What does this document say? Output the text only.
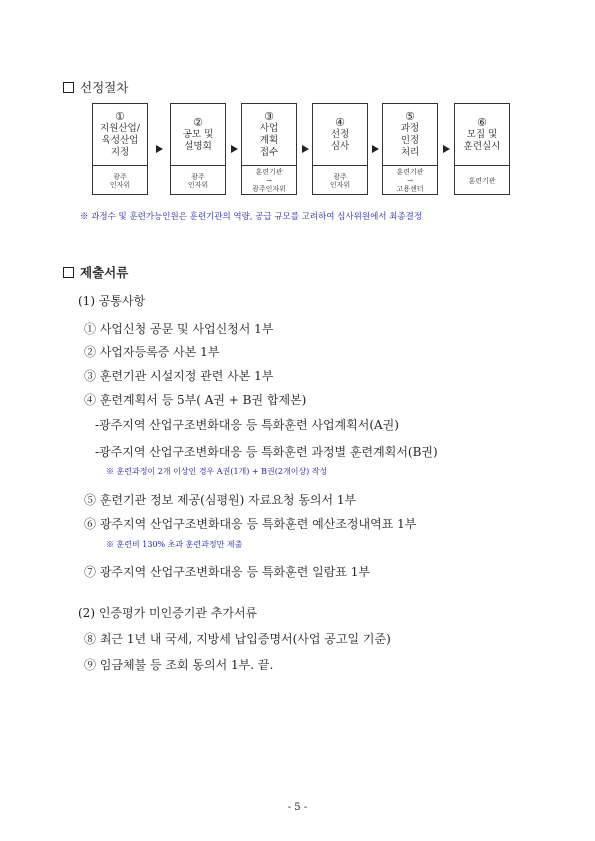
선정절차
①
지원산업/
육성산업
지정
광주
인자위
②
공모 및
설명회
광주
인자위
③
사업
계획
접수
훈련기관
→
광주인자위
④
선정
심사
광주
인자위
⑤
과정
인정
처리
훈련기관
→
고용센터
⑥
모집 및
훈련실시
훈련기관
※ 과정수 및 훈련가능인원은 훈련기관의 역량, 공급 규모를 고려하여 심사위원에서 최종결정
제출서류
(1) 공통사항
① 사업신청 공문 및 사업신청서 1부
② 사업자등록증 사본 1부
③ 훈련기관 시설지정 관련 사본 1부
④ 훈련계획서 등 5부( A권 + B권 합제본)
-광주지역 산업구조변화대응 등 특화훈련 사업계획서(A권)
-광주지역 산업구조변화대응 등 특화훈련 과정별 훈련계획서(B권)
※ 훈련과정이 2개 이상인 경우 A권(1개) + B권(2개이상) 작성
⑤ 훈련기관 정보 제공(심평원) 자료요청 동의서 1부
⑥ 광주지역 산업구조변화대응 등 특화훈련 예산조정내역표 1부
※ 훈련비 130% 초과 훈련과정만 제출
⑦ 광주지역 산업구조변화대응 등 특화훈련 일람표 1부
(2) 인증평가 미인증기관 추가서류
⑧ 최근 1년 내 국세, 지방세 납입증명서(사업 공고일 기준)
⑨ 임금체불 등 조회 동의서 1부. 끝.
- 5 -
